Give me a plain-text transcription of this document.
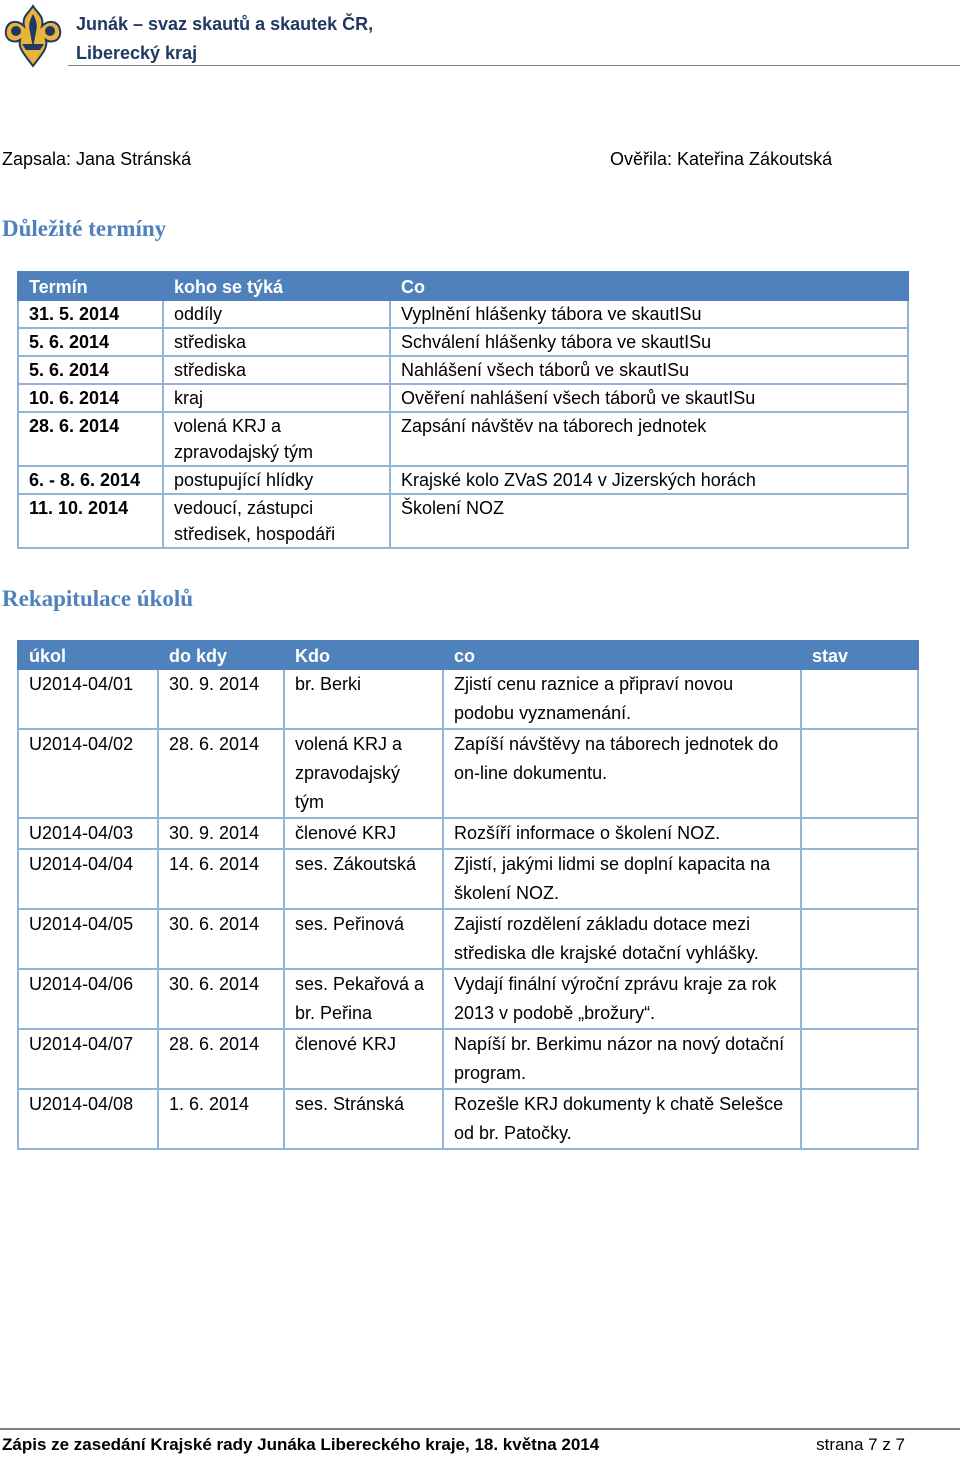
Junák – svaz skautů a skautek ČR,
Liberecký kraj
Zapsala: Jana Stránská	Ověřila: Kateřina Zákoutská
Důležité termíny
Termín	koho se týká	Co
31. 5. 2014	oddíly	Vyplnění hlášenky tábora ve skautISu
5. 6. 2014	střediska	Schválení hlášenky tábora ve skautISu
5. 6. 2014	střediska	Nahlášení všech táborů ve skautISu
10. 6. 2014	kraj	Ověření nahlášení všech táborů ve skautISu
28. 6. 2014	volená KRJ a zpravodajský tým	Zapsání návštěv na táborech jednotek
6. - 8. 6. 2014	postupující hlídky	Krajské kolo ZVaS 2014 v Jizerských horách
11. 10. 2014	vedoucí, zástupci středisek, hospodáři	Školení NOZ
Rekapitulace úkolů
úkol	do kdy	Kdo	co	stav
U2014-04/01	30. 9. 2014	br. Berki	Zjistí cenu raznice a připraví novou podobu vyznamenání.	
U2014-04/02	28. 6. 2014	volená KRJ a zpravodajský tým	Zapíší návštěvy na táborech jednotek do on-line dokumentu.	
U2014-04/03	30. 9. 2014	členové KRJ	Rozšíří informace o školení NOZ.	
U2014-04/04	14. 6. 2014	ses. Zákoutská	Zjistí, jakými lidmi se doplní kapacita na školení NOZ.	
U2014-04/05	30. 6. 2014	ses. Peřinová	Zajistí rozdělení základu dotace mezi střediska dle krajské dotační vyhlášky.	
U2014-04/06	30. 6. 2014	ses. Pekařová a br. Peřina	Vydají finální výroční zprávu kraje za rok 2013 v podobě „brožury“.	
U2014-04/07	28. 6. 2014	členové KRJ	Napíší br. Berkimu názor na nový dotační program.	
U2014-04/08	1. 6. 2014	ses. Stránská	Rozešle KRJ dokumenty k chatě Selešce od br. Patočky.	
Zápis ze zasedání Krajské rady Junáka Libereckého kraje, 18. května 2014	strana 7 z 7
